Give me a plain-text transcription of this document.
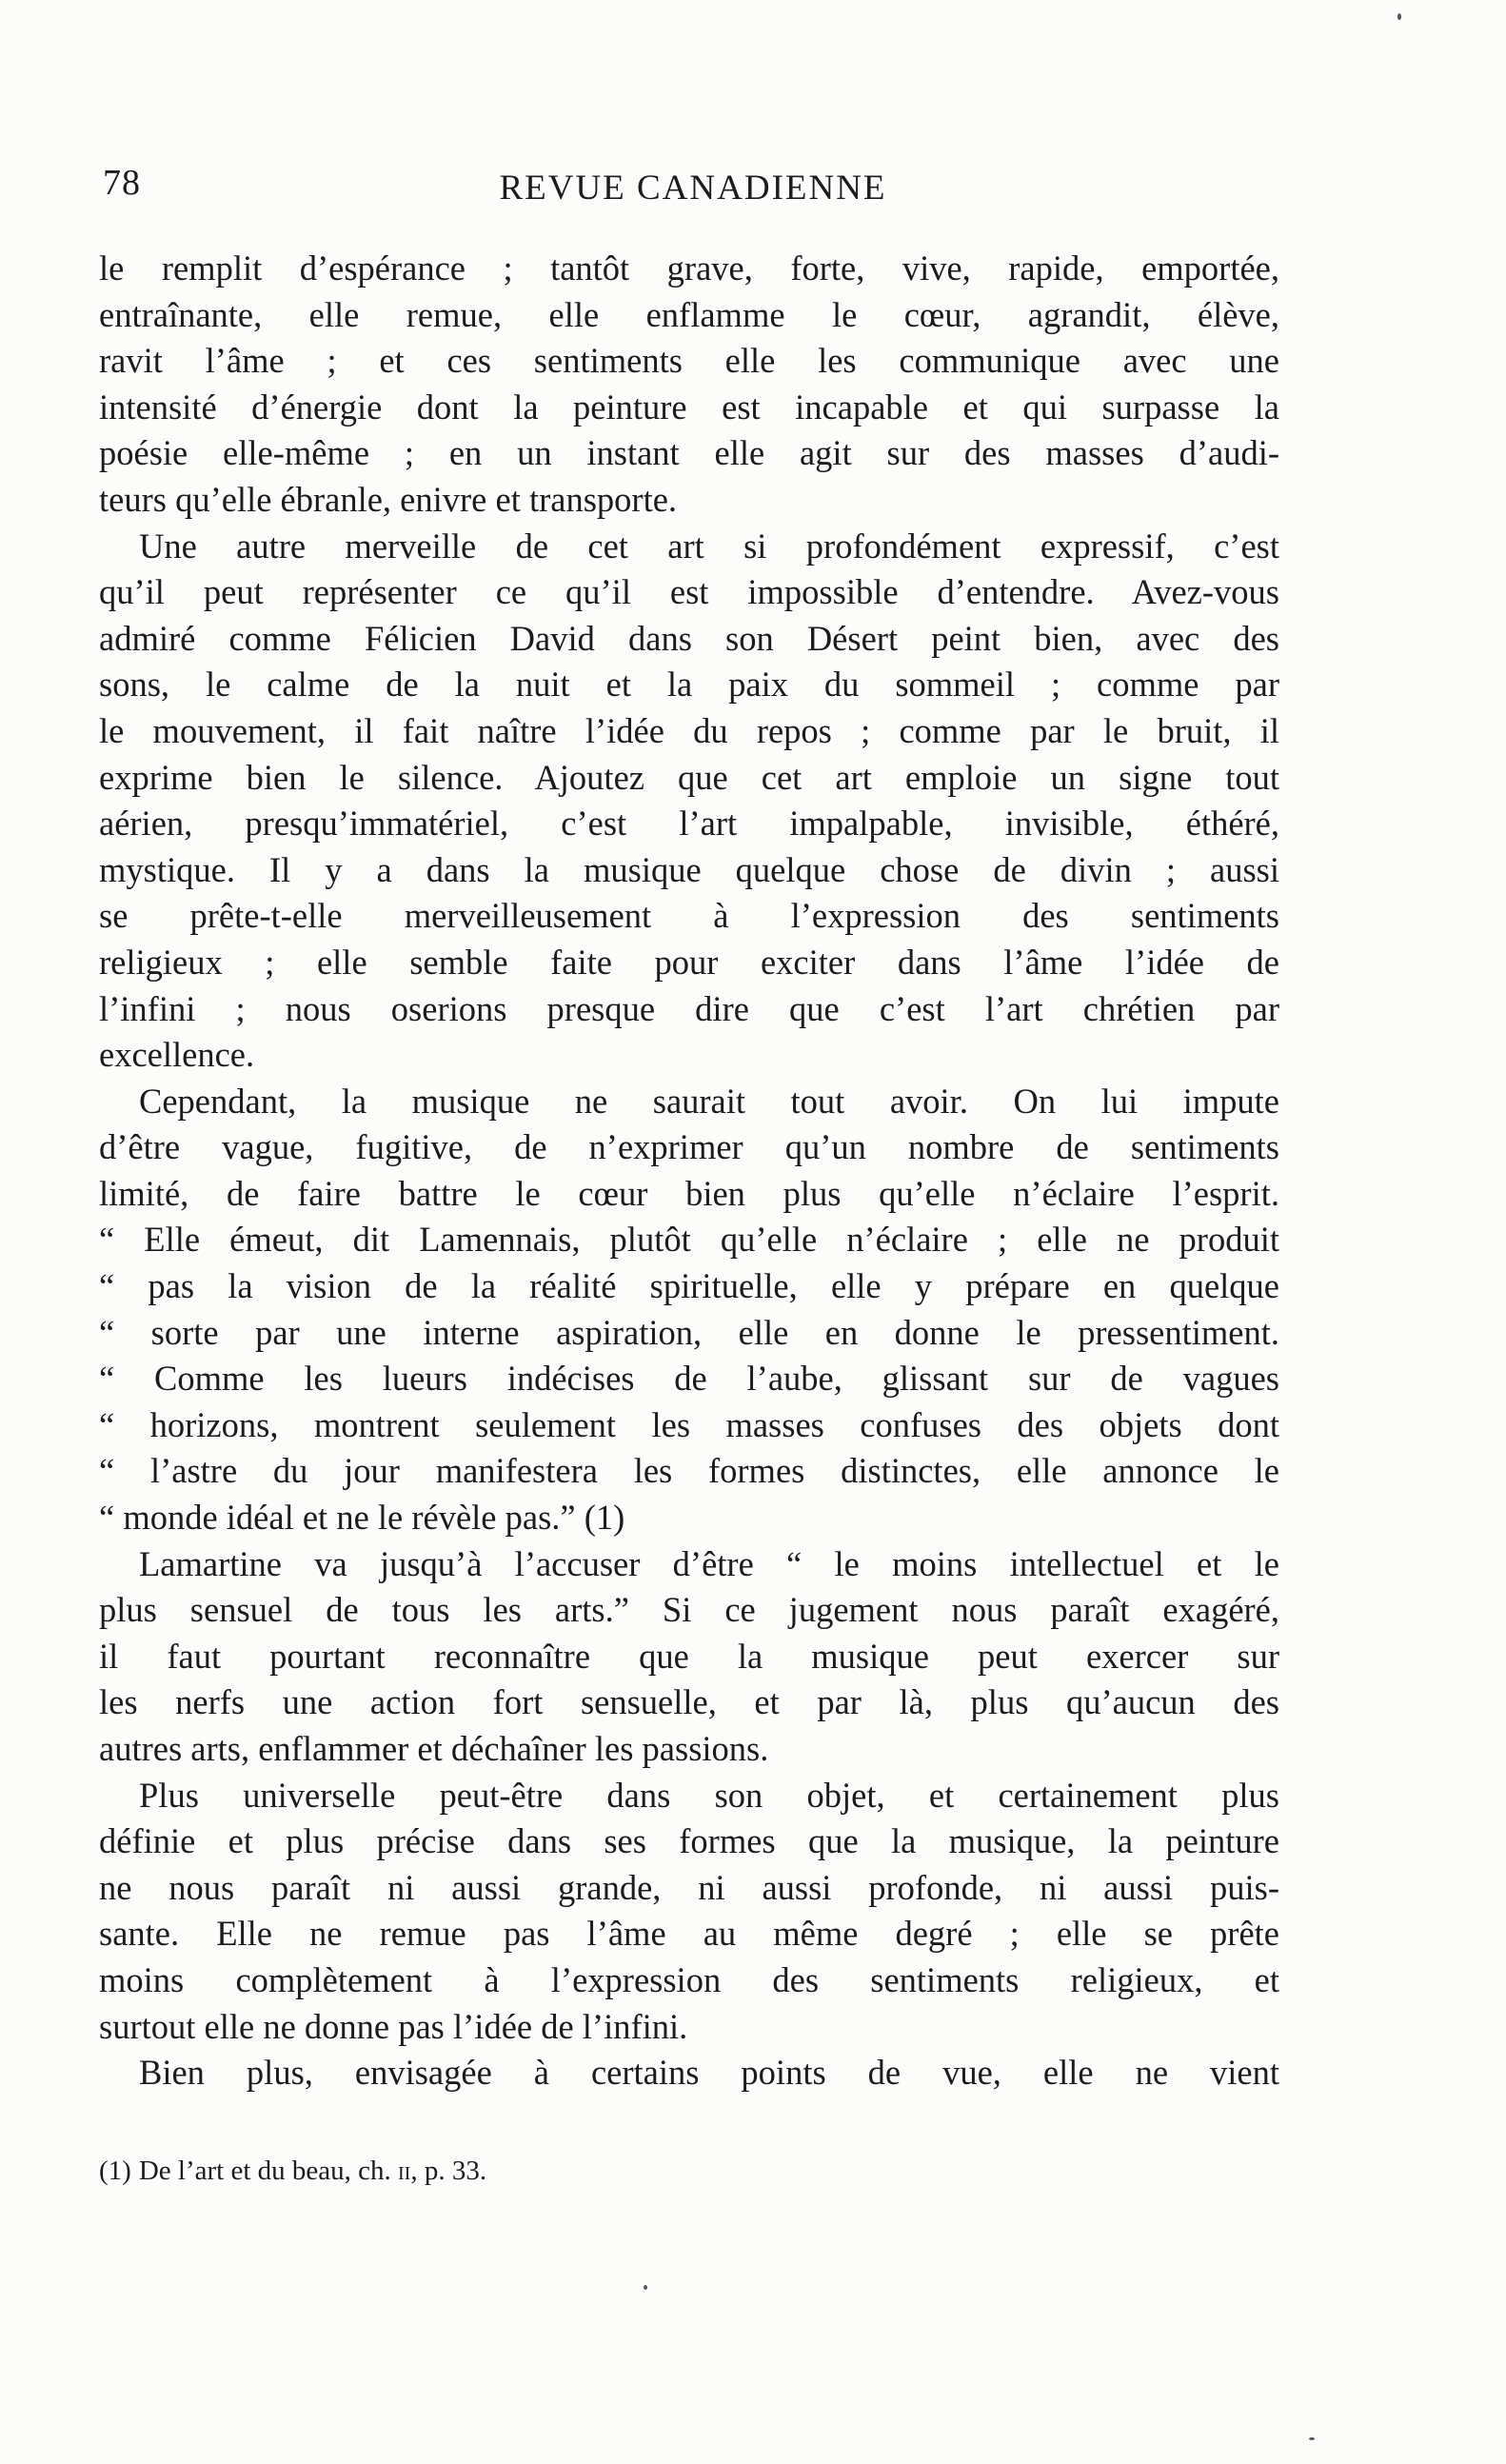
78	REVUE CANADIENNE

le remplit d’espérance ; tantôt grave, forte, vive, rapide, emportée,

entraînante, elle remue, elle enflamme le cœur, agrandit, élève,

ravit l’âme ; et ces sentiments elle les communique avec une

intensité d’énergie dont la peinture est incapable et qui surpasse la

poésie elle-même ; en un instant elle agit sur des masses d’audi-

teurs qu’elle ébranle, enivre et transporte.

Une autre merveille de cet art si profondément expressif, c’est

qu’il peut représenter ce qu’il est impossible d’entendre. Avez-vous

admiré comme Félicien David dans son Désert peint bien, avec des

sons, le calme de la nuit et la paix du sommeil ; comme par

le mouvement, il fait naître l’idée du repos ; comme par le bruit, il

exprime bien le silence. Ajoutez que cet art emploie un signe tout

aérien, presqu’immatériel, c’est l’art impalpable, invisible, éthéré,

mystique. Il y a dans la musique quelque chose de divin ; aussi

se prête-t-elle merveilleusement à l’expression des sentiments

religieux ; elle semble faite pour exciter dans l’âme l’idée de

l’infini ; nous oserions presque dire que c’est l’art chrétien par

excellence.

Cependant, la musique ne saurait tout avoir. On lui impute

d’être vague, fugitive, de n’exprimer qu’un nombre de sentiments

limité, de faire battre le cœur bien plus qu’elle n’éclaire l’esprit.

“ Elle émeut, dit Lamennais, plutôt qu’elle n’éclaire ; elle ne produit

“ pas la vision de la réalité spirituelle, elle y prépare en quelque

“ sorte par une interne aspiration, elle en donne le pressentiment.

“ Comme les lueurs indécises de l’aube, glissant sur de vagues

“ horizons, montrent seulement les masses confuses des objets dont

“ l’astre du jour manifestera les formes distinctes, elle annonce le

“ monde idéal et ne le révèle pas.” (1)

Lamartine va jusqu’à l’accuser d’être “ le moins intellectuel et le

plus sensuel de tous les arts.” Si ce jugement nous paraît exagéré,

il faut pourtant reconnaître que la musique peut exercer sur

les nerfs une action fort sensuelle, et par là, plus qu’aucun des

autres arts, enflammer et déchaîner les passions.

Plus universelle peut-être dans son objet, et certainement plus

définie et plus précise dans ses formes que la musique, la peinture

ne nous paraît ni aussi grande, ni aussi profonde, ni aussi puis-

sante. Elle ne remue pas l’âme au même degré ; elle se prête

moins complètement à l’expression des sentiments religieux, et

surtout elle ne donne pas l’idée de l’infini.

Bien plus, envisagée à certains points de vue, elle ne vient

(1) De l’art et du beau, ch. ii, p. 33.
